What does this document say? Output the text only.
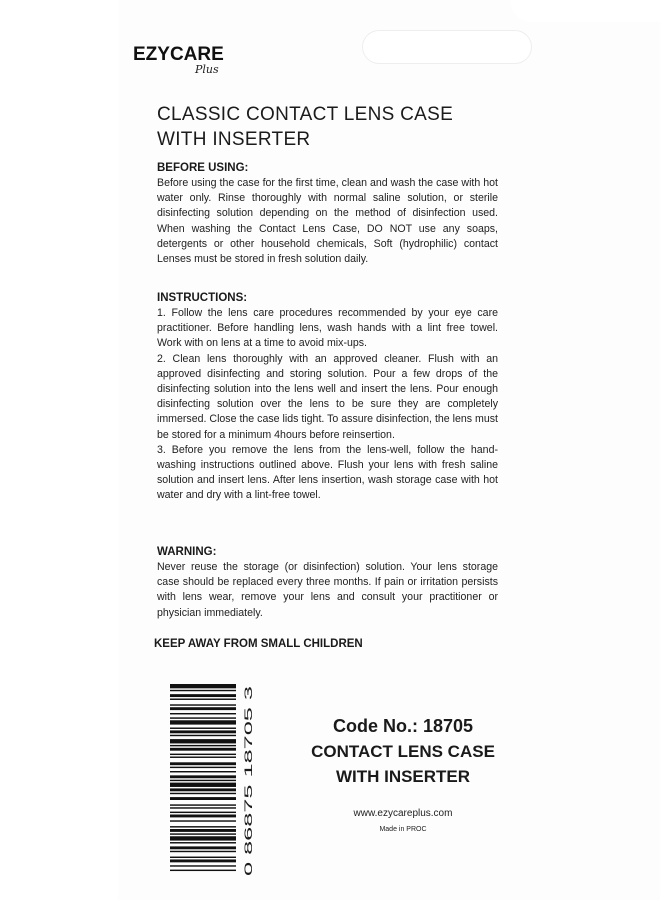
EZYCARE
Plus
CLASSIC CONTACT LENS CASE
WITH INSERTER
BEFORE USING:

Before using the case for the first time, clean and wash the case with hot water only. Rinse thoroughly with normal saline solution, or sterile disinfecting solution depending on the method of disinfection used. When washing the Contact Lens Case, DO NOT use any soaps, detergents or other household chemicals, Soft (hydrophilic) contact Lenses must be stored in fresh solution daily.

INSTRUCTIONS:

1. Follow the lens care procedures recommended by your eye care practitioner. Before handling lens, wash hands with a lint free towel. Work with on lens at a time to avoid mix-ups.

2. Clean lens thoroughly with an approved cleaner. Flush with an approved disinfecting and storing solution. Pour a few drops of the disinfecting solution into the lens well and insert the lens. Pour enough disinfecting solution over the lens to be sure they are completely immersed. Close the case lids tight. To assure disinfection, the lens must be stored for a minimum 4hours before reinsertion.

3. Before you remove the lens from the lens-well, follow the hand-washing instructions outlined above. Flush your lens with fresh saline solution and insert lens. After lens insertion, wash storage case with hot water and dry with a lint-free towel.

WARNING:

Never reuse the storage (or disinfection) solution. Your lens storage case should be replaced every three months. If pain or irritation persists with lens wear, remove your lens and consult your practitioner or physician immediately.

KEEP AWAY FROM SMALL CHILDREN
0 86875 18705 3
Code No.: 18705
CONTACT LENS CASE
WITH INSERTER
www.ezycareplus.com
Made in PROC
